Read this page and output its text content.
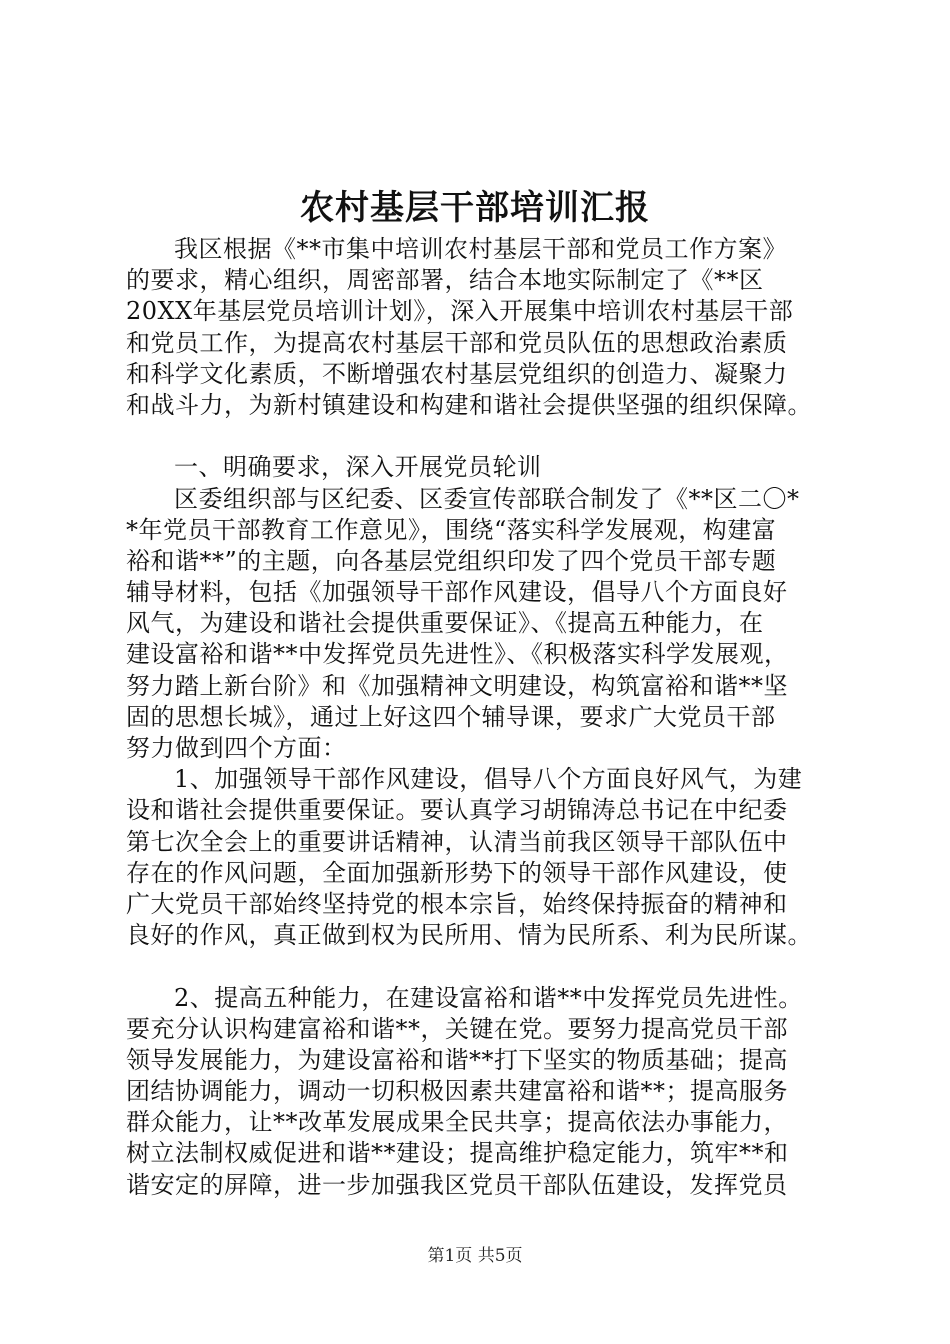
农村基层干部培训汇报
我区根据《**市集中培训农村基层干部和党员工作方案》
的要求，精心组织，周密部署，结合本地实际制定了《**区
20XX年基层党员培训计划》，深入开展集中培训农村基层干部
和党员工作，为提高农村基层干部和党员队伍的思想政治素质
和科学文化素质，不断增强农村基层党组织的创造力、凝聚力
和战斗力，为新村镇建设和构建和谐社会提供坚强的组织保障。
一、明确要求，深入开展党员轮训
区委组织部与区纪委、区委宣传部联合制发了《**区二〇*
*年党员干部教育工作意见》，围绕“落实科学发展观，构建富
裕和谐**”的主题，向各基层党组织印发了四个党员干部专题
辅导材料，包括《加强领导干部作风建设，倡导八个方面良好
风气，为建设和谐社会提供重要保证》、《提高五种能力，在
建设富裕和谐**中发挥党员先进性》、《积极落实科学发展观，
努力踏上新台阶》和《加强精神文明建设，构筑富裕和谐**坚
固的思想长城》，通过上好这四个辅导课，要求广大党员干部
努力做到四个方面：
1、加强领导干部作风建设，倡导八个方面良好风气，为建
设和谐社会提供重要保证。要认真学习胡锦涛总书记在中纪委
第七次全会上的重要讲话精神，认清当前我区领导干部队伍中
存在的作风问题，全面加强新形势下的领导干部作风建设，使
广大党员干部始终坚持党的根本宗旨，始终保持振奋的精神和
良好的作风，真正做到权为民所用、情为民所系、利为民所谋。
2、提高五种能力，在建设富裕和谐**中发挥党员先进性。
要充分认识构建富裕和谐**，关键在党。要努力提高党员干部
领导发展能力，为建设富裕和谐**打下坚实的物质基础；提高
团结协调能力，调动一切积极因素共建富裕和谐**；提高服务
群众能力，让**改革发展成果全民共享；提高依法办事能力，
树立法制权威促进和谐**建设；提高维护稳定能力，筑牢**和
谐安定的屏障，进一步加强我区党员干部队伍建设，发挥党员
第1页 共5页
